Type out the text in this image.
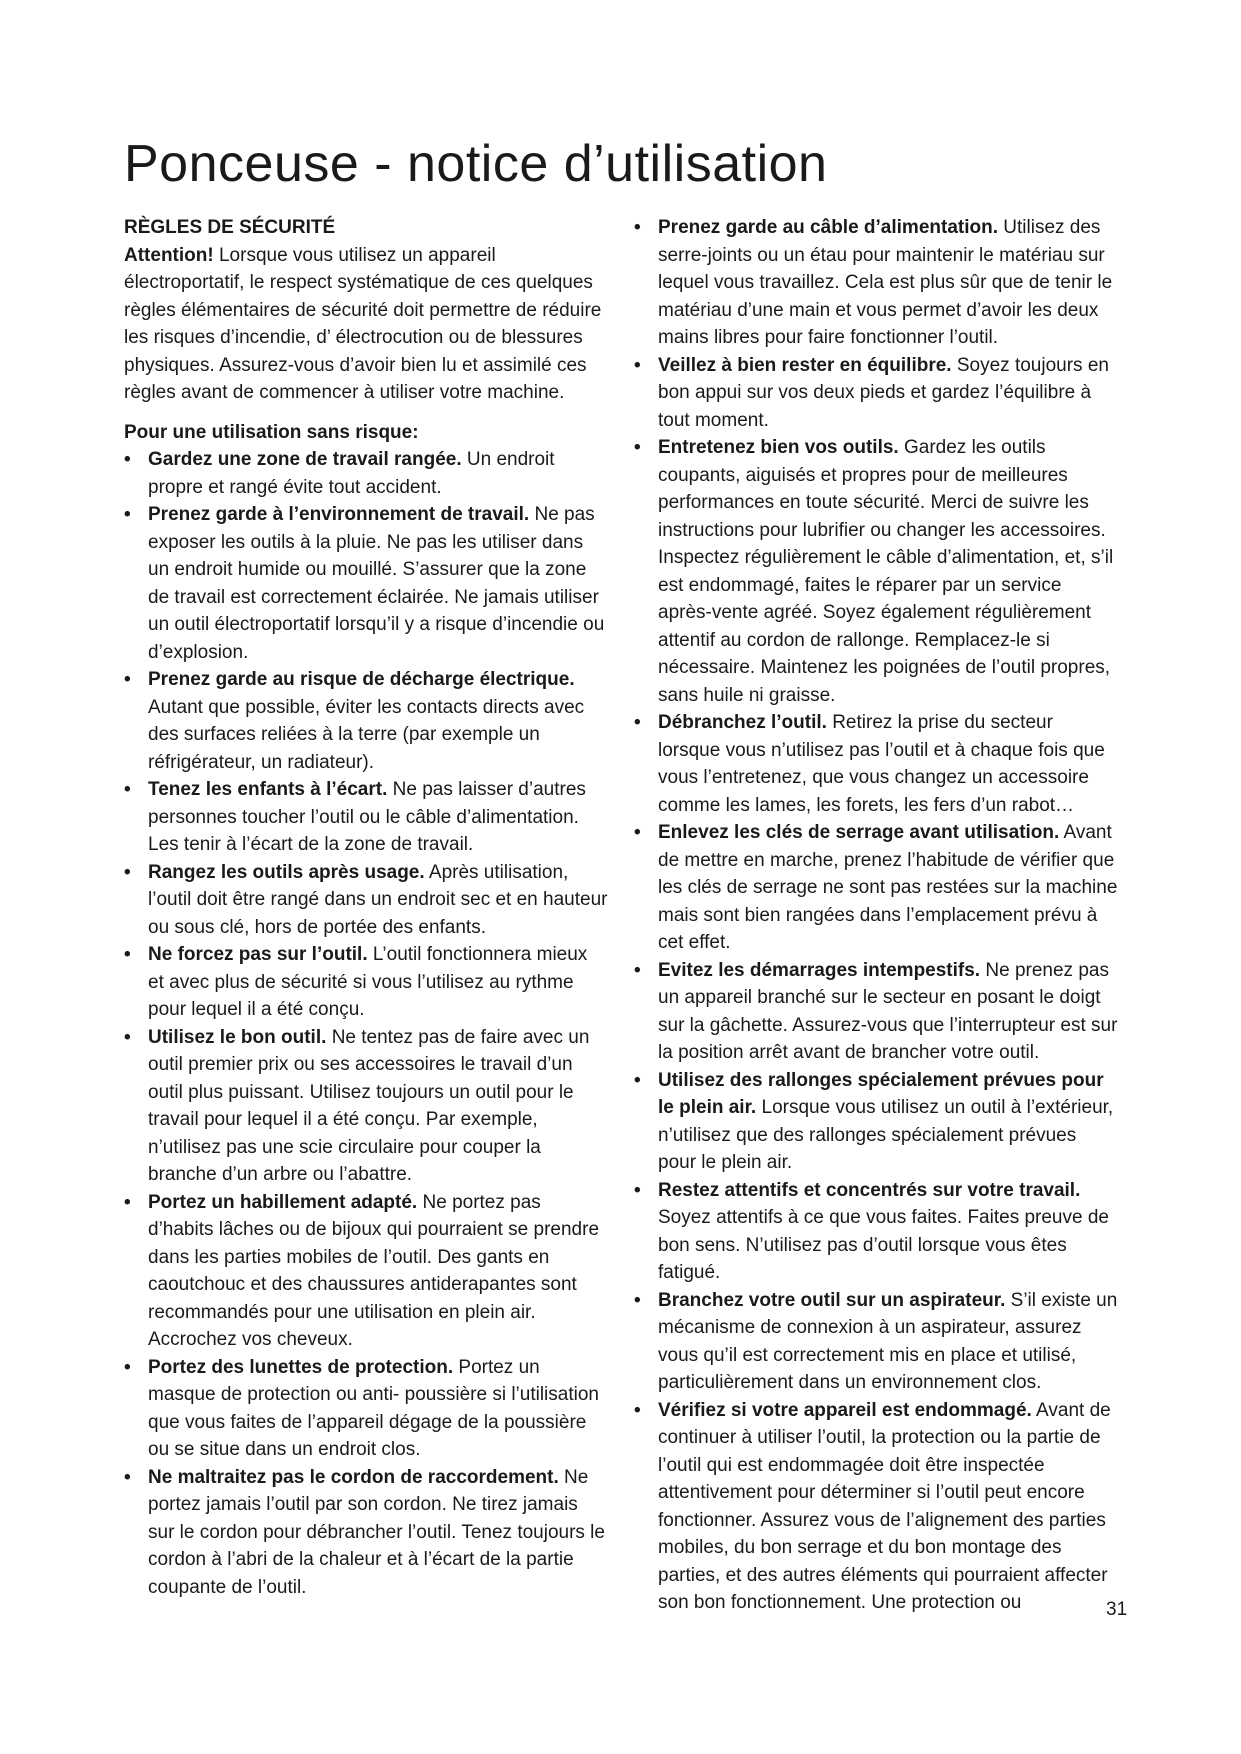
Ponceuse - notice d’utilisation

RÈGLES DE SÉCURITÉ

Attention! Lorsque vous utilisez un appareil électroportatif, le respect systématique de ces quelques règles élémentaires de sécurité doit permettre de réduire les risques d’incendie, d’ électrocution ou de blessures physiques. Assurez-vous d’avoir bien lu et assimilé ces règles avant de commencer à utiliser votre machine.

Pour une utilisation sans risque:

• Gardez une zone de travail rangée. Un endroit propre et rangé évite tout accident.
• Prenez garde à l’environnement de travail. Ne pas exposer les outils à la pluie. Ne pas les utiliser dans un endroit humide ou mouillé. S’assurer que la zone de travail est correctement éclairée. Ne jamais utiliser un outil électroportatif lorsqu’il y a risque d’incendie ou d’explosion.
• Prenez garde au risque de décharge électrique. Autant que possible, éviter les contacts directs avec des surfaces reliées à la terre (par exemple un réfrigérateur, un radiateur).
• Tenez les enfants à l’écart. Ne pas laisser d’autres personnes toucher l’outil ou le câble d’alimentation. Les tenir à l’écart de la zone de travail.
• Rangez les outils après usage. Après utilisation, l’outil doit être rangé dans un endroit sec et en hauteur ou sous clé, hors de portée des enfants.
• Ne forcez pas sur l’outil. L’outil fonctionnera mieux et avec plus de sécurité si vous l’utilisez au rythme pour lequel il a été conçu.
• Utilisez le bon outil. Ne tentez pas de faire avec un outil premier prix ou ses accessoires le travail d’un outil plus puissant. Utilisez toujours un outil pour le travail pour lequel il a été conçu. Par exemple, n’utilisez pas une scie circulaire pour couper la branche d’un arbre ou l’abattre.
• Portez un habillement adapté. Ne portez pas d’habits lâches ou de bijoux qui pourraient se prendre dans les parties mobiles de l’outil. Des gants en caoutchouc et des chaussures antiderapantes sont recommandés pour une utilisation en plein air. Accrochez vos cheveux.
• Portez des lunettes de protection. Portez un masque de protection ou anti- poussière si l’utilisation que vous faites de l’appareil dégage de la poussière ou se situe dans un endroit clos.
• Ne maltraitez pas le cordon de raccordement. Ne portez jamais l’outil par son cordon. Ne tirez jamais sur le cordon pour débrancher l’outil. Tenez toujours le cordon à l’abri de la chaleur et à l’écart de la partie coupante de l’outil.
• Prenez garde au câble d’alimentation. Utilisez des serre-joints ou un étau pour maintenir le matériau sur lequel vous travaillez. Cela est plus sûr que de tenir le matériau d’une main et vous permet d’avoir les deux mains libres pour faire fonctionner l’outil.
• Veillez à bien rester en équilibre. Soyez toujours en bon appui sur vos deux pieds et gardez l’équilibre à tout moment.
• Entretenez bien vos outils. Gardez les outils coupants, aiguisés et propres pour de meilleures performances en toute sécurité. Merci de suivre les instructions pour lubrifier ou changer les accessoires. Inspectez régulièrement le câble d’alimentation, et, s’il est endommagé, faites le réparer par un service après-vente agréé. Soyez également régulièrement attentif au cordon de rallonge. Remplacez-le si nécessaire. Maintenez les poignées de l’outil propres, sans huile ni graisse.
• Débranchez l’outil. Retirez la prise du secteur lorsque vous n’utilisez pas l’outil et à chaque fois que vous l’entretenez, que vous changez un accessoire comme les lames, les forets, les fers d’un rabot…
• Enlevez les clés de serrage avant utilisation. Avant de mettre en marche, prenez l’habitude de vérifier que les clés de serrage ne sont pas restées sur la machine mais sont bien rangées dans l’emplacement prévu à cet effet.
• Evitez les démarrages intempestifs. Ne prenez pas un appareil branché sur le secteur en posant le doigt sur la gâchette. Assurez-vous que l’interrupteur est sur la position arrêt avant de brancher votre outil.
• Utilisez des rallonges spécialement prévues pour le plein air. Lorsque vous utilisez un outil à l’extérieur, n’utilisez que des rallonges spécialement prévues pour le plein air.
• Restez attentifs et concentrés sur votre travail. Soyez attentifs à ce que vous faites. Faites preuve de bon sens. N’utilisez pas d’outil lorsque vous êtes fatigué.
• Branchez votre outil sur un aspirateur. S’il existe un mécanisme de connexion à un aspirateur, assurez vous qu’il est correctement mis en place et utilisé, particulièrement dans un environnement clos.
• Vérifiez si votre appareil est endommagé. Avant de continuer à utiliser l’outil, la protection ou la partie de l’outil qui est endommagée doit être inspectée attentivement pour déterminer si l’outil peut encore fonctionner. Assurez vous de l’alignement des parties mobiles, du bon serrage et du bon montage des parties, et des autres éléments qui pourraient affecter son bon fonctionnement. Une protection ou	31
